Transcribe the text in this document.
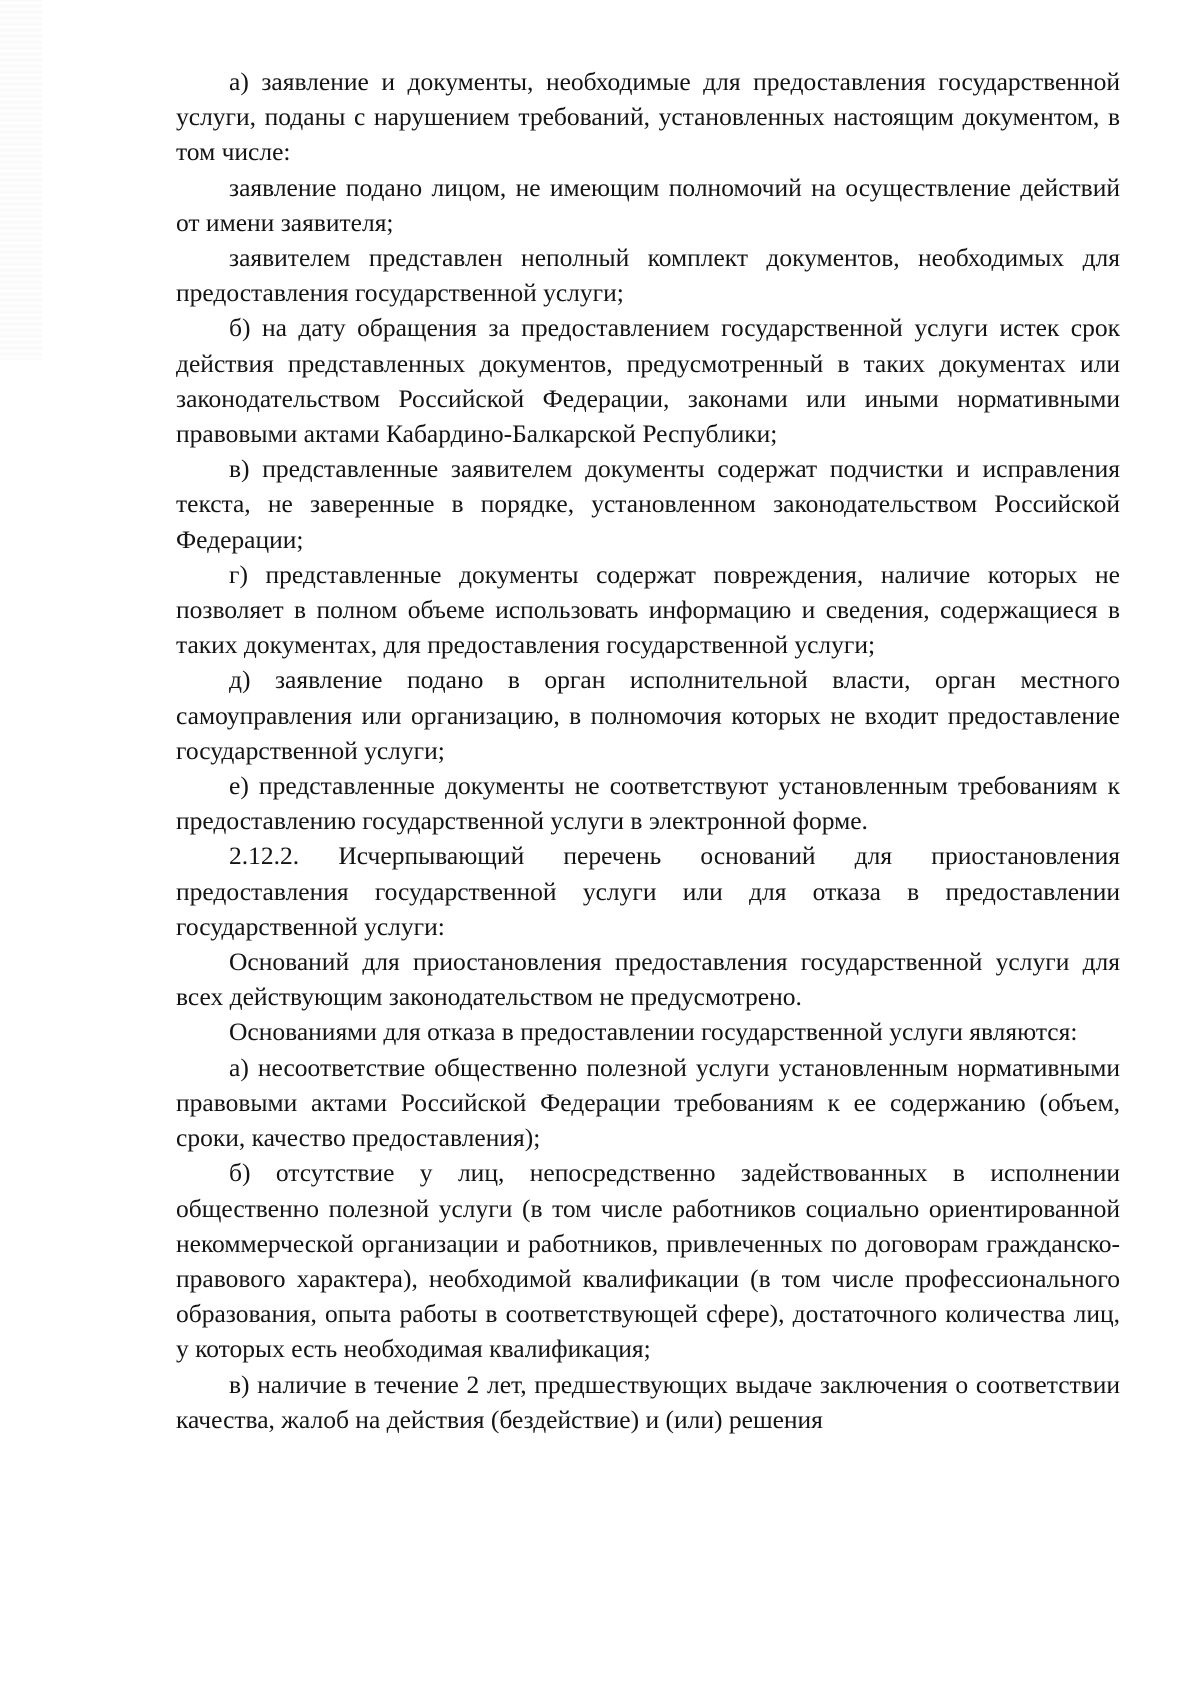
а) заявление и документы, необходимые для предоставления государственной услуги, поданы с нарушением требований, установленных настоящим документом, в том числе:

заявление подано лицом, не имеющим полномочий на осуществление действий от имени заявителя;

заявителем представлен неполный комплект документов, необходимых для предоставления государственной услуги;

б) на дату обращения за предоставлением государственной услуги истек срок действия представленных документов, предусмотренный в таких документах или законодательством Российской Федерации, законами или иными нормативными правовыми актами Кабардино-Балкарской Республики;

в) представленные заявителем документы содержат подчистки и исправления текста, не заверенные в порядке, установленном законодательством Российской Федерации;

г) представленные документы содержат повреждения, наличие которых не позволяет в полном объеме использовать информацию и сведения, содержащиеся в таких документах, для предоставления государственной услуги;

д) заявление подано в орган исполнительной власти, орган местного самоуправления или организацию, в полномочия которых не входит предоставление государственной услуги;

е) представленные документы не соответствуют установленным требованиям к предоставлению государственной услуги в электронной форме.

2.12.2. Исчерпывающий перечень оснований для приостановления предоставления государственной услуги или для отказа в предоставлении государственной услуги:

Оснований для приостановления предоставления государственной услуги для всех действующим законодательством не предусмотрено.

Основаниями для отказа в предоставлении государственной услуги являются:

а) несоответствие общественно полезной услуги установленным нормативными правовыми актами Российской Федерации требованиям к ее содержанию (объем, сроки, качество предоставления);

б) отсутствие у лиц, непосредственно задействованных в исполнении общественно полезной услуги (в том числе работников социально ориентированной некоммерческой организации и работников, привлеченных по договорам гражданско-правового характера), необходимой квалификации (в том числе профессионального образования, опыта работы в соответствующей сфере), достаточного количества лиц, у которых есть необходимая квалификация;

в) наличие в течение 2 лет, предшествующих выдаче заключения о соответствии качества, жалоб на действия (бездействие) и (или) решения
